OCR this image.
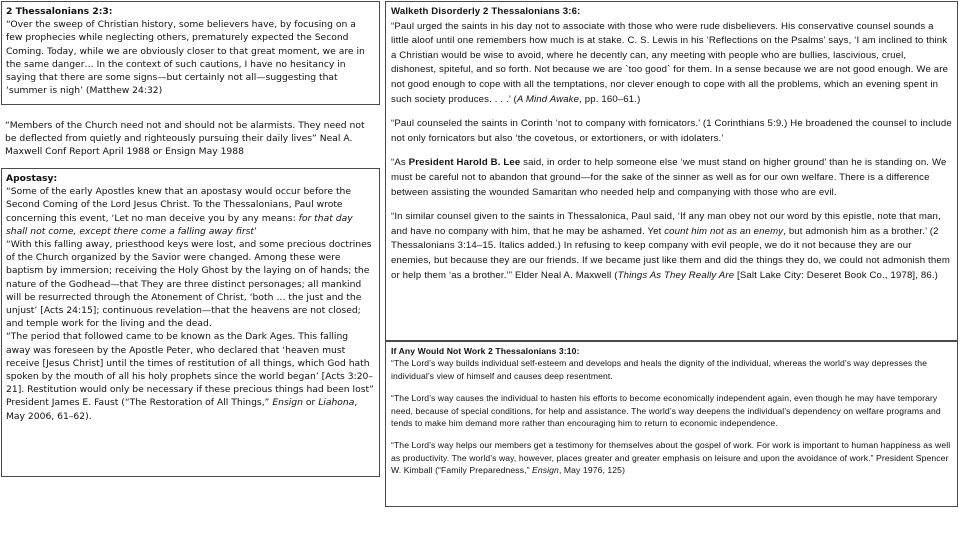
2 Thessalonians 2:3:

“Over the sweep of Christian history, some believers have, by focusing on a few prophecies while neglecting others, prematurely expected the Second Coming. Today, while we are obviously closer to that great moment, we are in the same danger… In the context of such cautions, I have no hesitancy in saying that there are some signs—but certainly not all—suggesting that ‘summer is nigh’ (Matthew 24:32)

“Members of the Church need not and should not be alarmists. They need not be deflected from quietly and righteously pursuing their daily lives” Neal A. Maxwell Conf Report April 1988 or Ensign May 1988

Apostasy:

“Some of the early Apostles knew that an apostasy would occur before the Second Coming of the Lord Jesus Christ. To the Thessalonians, Paul wrote concerning this event, ‘Let no man deceive you by any means: for that day shall not come, except there come a falling away first’

“With this falling away, priesthood keys were lost, and some precious doctrines of the Church organized by the Savior were changed. Among these were baptism by immersion; receiving the Holy Ghost by the laying on of hands; the nature of the Godhead—that They are three distinct personages; all mankind will be resurrected through the Atonement of Christ, ‘both … the just and the unjust’ [Acts 24:15]; continuous revelation—that the heavens are not closed; and temple work for the living and the dead.

“The period that followed came to be known as the Dark Ages. This falling away was foreseen by the Apostle Peter, who declared that ‘heaven must receive [Jesus Christ] until the times of restitution of all things, which God hath spoken by the mouth of all his holy prophets since the world began’ [Acts 3:20–21]. Restitution would only be necessary if these precious things had been lost” President James E. Faust (“The Restoration of All Things,” Ensign or Liahona, May 2006, 61–62).

Walketh Disorderly 2 Thessalonians 3:6:

“Paul urged the saints in his day not to associate with those who were rude disbelievers. His conservative counsel sounds a little aloof until one remembers how much is at stake. C. S. Lewis in his ‘Reflections on the Psalms’ says, ‘I am inclined to think a Christian would be wise to avoid, where he decently can, any meeting with people who are bullies, lascivious, cruel, dishonest, spiteful, and so forth. Not because we are `too good` for them. In a sense because we are not good enough. We are not good enough to cope with all the temptations, nor clever enough to cope with all the problems, which an evening spent in such society produces. . . .’ (A Mind Awake, pp. 160–61.)

“Paul counseled the saints in Corinth ‘not to company with fornicators.’ (1 Corinthians 5:9.) He broadened the counsel to include not only fornicators but also ‘the covetous, or extortioners, or with idolaters.’

“As President Harold B. Lee said, in order to help someone else ‘we must stand on higher ground’ than he is standing on. We must be careful not to abandon that ground—for the sake of the sinner as well as for our own welfare. There is a difference between assisting the wounded Samaritan who needed help and companying with those who are evil.

“In similar counsel given to the saints in Thessalonica, Paul said, ‘If any man obey not our word by this epistle, note that man, and have no company with him, that he may be ashamed. Yet count him not as an enemy, but admonish him as a brother.’ (2 Thessalonians 3:14–15. Italics added.) In refusing to keep company with evil people, we do it not because they are our enemies, but because they are our friends. If we became just like them and did the things they do, we could not admonish them or help them ‘as a brother.’” Elder Neal A. Maxwell (Things As They Really Are [Salt Lake City: Deseret Book Co., 1978], 86.)

If Any Would Not Work 2 Thessalonians 3:10:

“The Lord’s way builds individual self-esteem and develops and heals the dignity of the individual, whereas the world’s way depresses the individual’s view of himself and causes deep resentment.

“The Lord’s way causes the individual to hasten his efforts to become economically independent again, even though he may have temporary need, because of special conditions, for help and assistance. The world’s way deepens the individual’s dependency on welfare programs and tends to make him demand more rather than encouraging him to return to economic independence.

“The Lord’s way helps our members get a testimony for themselves about the gospel of work. For work is important to human happiness as well as productivity. The world’s way, however, places greater and greater emphasis on leisure and upon the avoidance of work.” President Spencer W. Kimball (“Family Preparedness,” Ensign, May 1976, 125)
